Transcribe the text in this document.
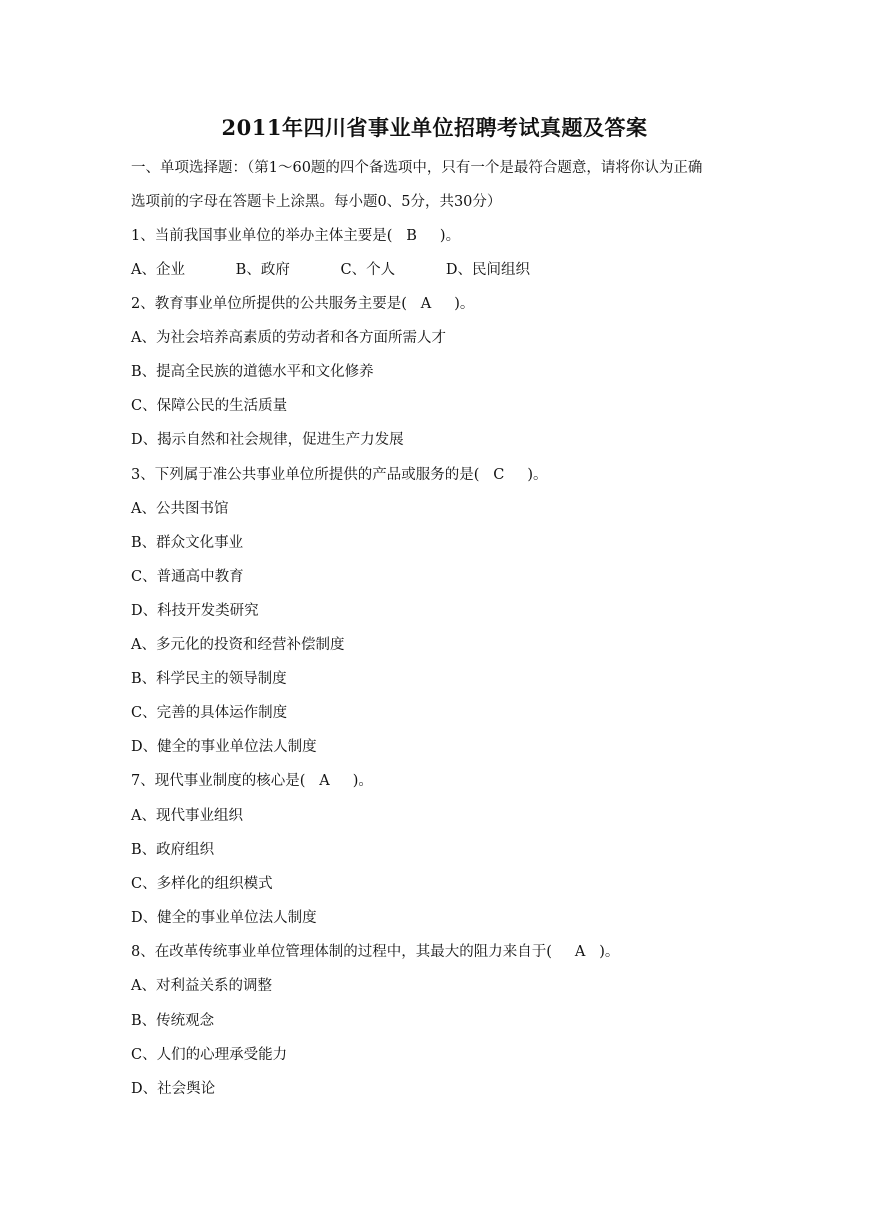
2011年四川省事业单位招聘考试真题及答案
一、单项选择题：（第1～60题的四个备选项中，只有一个是最符合题意，请将你认为正确
选项前的字母在答题卡上涂黑。每小题0、5分，共30分）
1、当前我国事业单位的举办主体主要是(   B     )。
A、企业           B、政府           C、个人           D、民间组织
2、教育事业单位所提供的公共服务主要是(   A     )。
A、为社会培养高素质的劳动者和各方面所需人才
B、提高全民族的道德水平和文化修养
C、保障公民的生活质量
D、揭示自然和社会规律，促进生产力发展
3、下列属于准公共事业单位所提供的产品或服务的是(   C     )。
A、公共图书馆
B、群众文化事业
C、普通高中教育
D、科技开发类研究
A、多元化的投资和经营补偿制度
B、科学民主的领导制度
C、完善的具体运作制度
D、健全的事业单位法人制度
7、现代事业制度的核心是(   A     )。
A、现代事业组织
B、政府组织
C、多样化的组织模式
D、健全的事业单位法人制度
8、在改革传统事业单位管理体制的过程中，其最大的阻力来自于(     A   )。
A、对利益关系的调整
B、传统观念
C、人们的心理承受能力
D、社会舆论
